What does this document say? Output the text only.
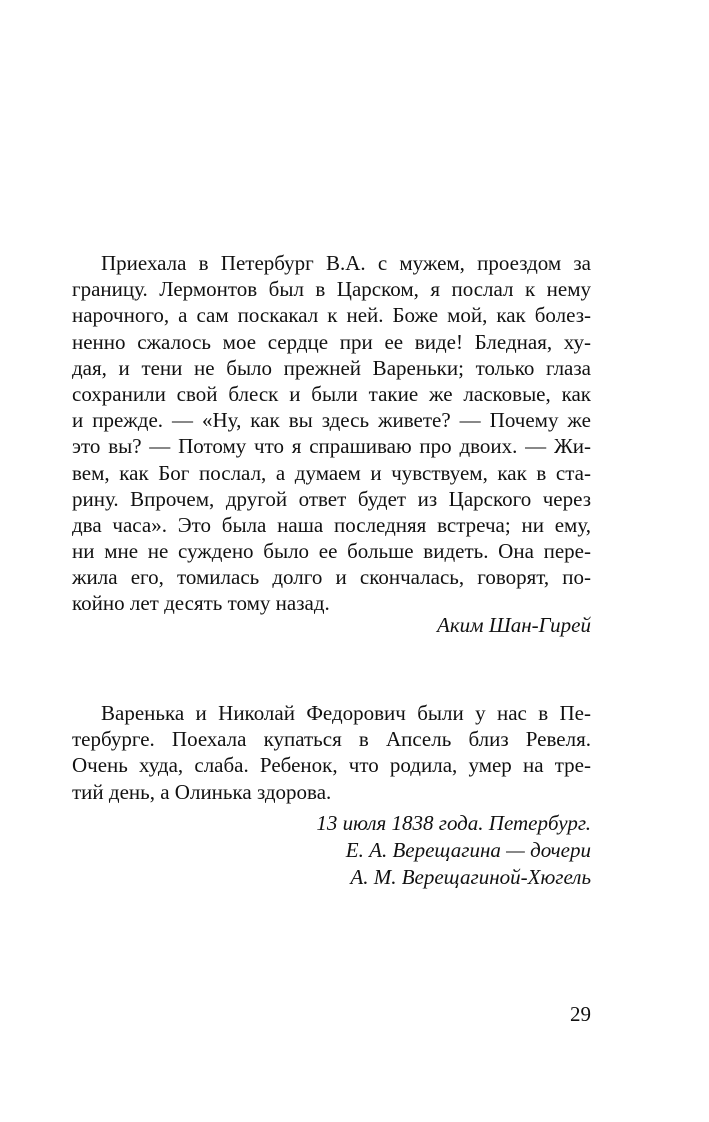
Приехала в Петербург В.А. с мужем, проездом за
границу. Лермонтов был в Царском, я послал к нему
нарочного, а сам поскакал к ней. Боже мой, как болез-
ненно сжалось мое сердце при ее виде! Бледная, ху-
дая, и тени не было прежней Вареньки; только глаза
сохранили свой блеск и были такие же ласковые, как
и прежде. — «Ну, как вы здесь живете? — Почему же
это вы? — Потому что я спрашиваю про двоих. — Жи-
вем, как Бог послал, а думаем и чувствуем, как в ста-
рину. Впрочем, другой ответ будет из Царского через
два часа». Это была наша последняя встреча; ни ему,
ни мне не суждено было ее больше видеть. Она пере-
жила его, томилась долго и скончалась, говорят, по-
койно лет десять тому назад.
Аким Шан-Гирей
Варенька и Николай Федорович были у нас в Пе-
тербурге. Поехала купаться в Апсель близ Ревеля.
Очень худа, слаба. Ребенок, что родила, умер на тре-
тий день, а Олинька здорова.
13 июля 1838 года. Петербург.
Е. А. Верещагина — дочери
А. М. Верещагиной-Хюгель
29
